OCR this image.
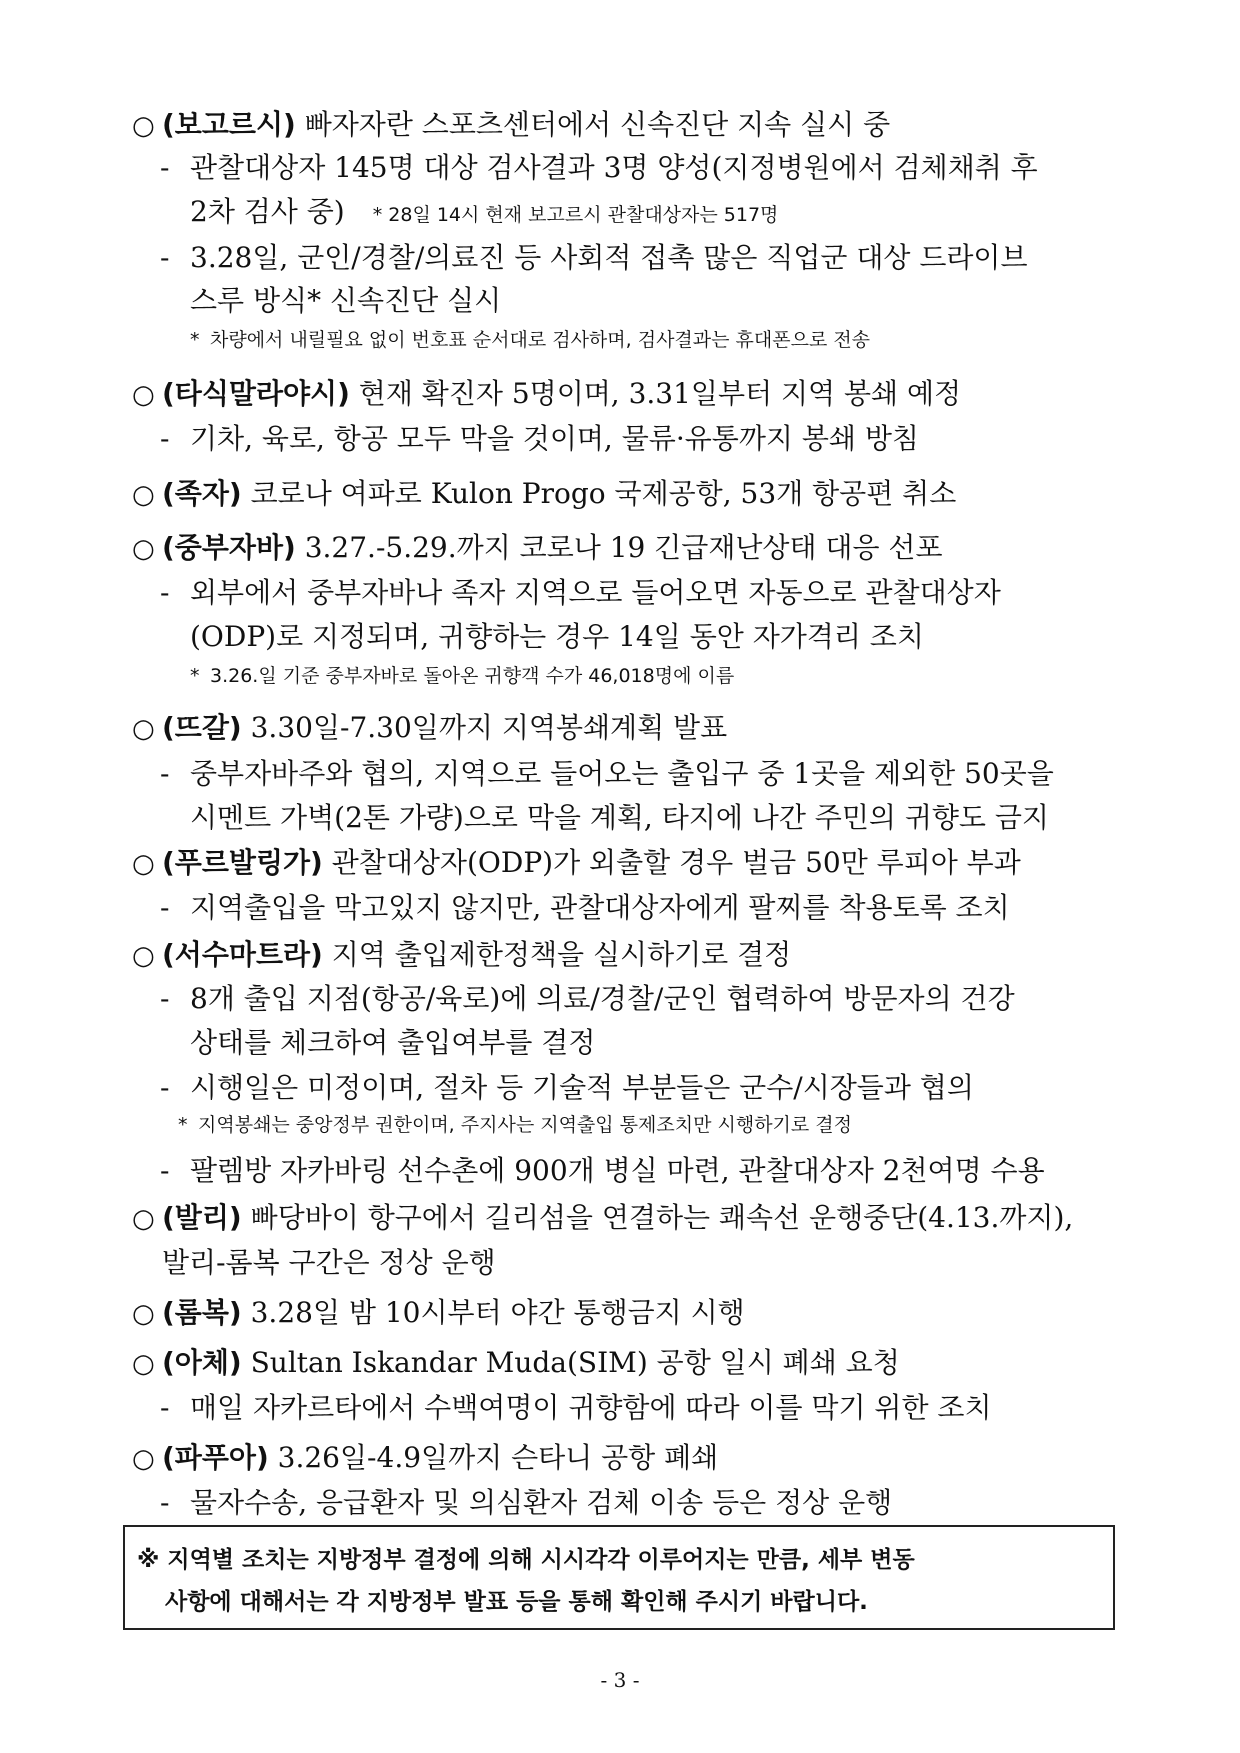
○ (보고르시) 빠자자란 스포츠센터에서 신속진단 지속 실시 중
- 관찰대상자 145명 대상 검사결과 3명 양성(지정병원에서 검체채취 후
2차 검사 중) * 28일 14시 현재 보고르시 관찰대상자는 517명
- 3.28일, 군인/경찰/의료진 등 사회적 접촉 많은 직업군 대상 드라이브
스루 방식* 신속진단 실시
* 차량에서 내릴필요 없이 번호표 순서대로 검사하며, 검사결과는 휴대폰으로 전송
○ (타식말라야시) 현재 확진자 5명이며, 3.31일부터 지역 봉쇄 예정
- 기차, 육로, 항공 모두 막을 것이며, 물류·유통까지 봉쇄 방침
○ (족자) 코로나 여파로 Kulon Progo 국제공항, 53개 항공편 취소
○ (중부자바) 3.27.-5.29.까지 코로나 19 긴급재난상태 대응 선포
- 외부에서 중부자바나 족자 지역으로 들어오면 자동으로 관찰대상자
(ODP)로 지정되며, 귀향하는 경우 14일 동안 자가격리 조치
* 3.26.일 기준 중부자바로 돌아온 귀향객 수가 46,018명에 이름
○ (뜨갈) 3.30일-7.30일까지 지역봉쇄계획 발표
- 중부자바주와 협의, 지역으로 들어오는 출입구 중 1곳을 제외한 50곳을
시멘트 가벽(2톤 가량)으로 막을 계획, 타지에 나간 주민의 귀향도 금지
○ (푸르발링가) 관찰대상자(ODP)가 외출할 경우 벌금 50만 루피아 부과
- 지역출입을 막고있지 않지만, 관찰대상자에게 팔찌를 착용토록 조치
○ (서수마트라) 지역 출입제한정책을 실시하기로 결정
- 8개 출입 지점(항공/육로)에 의료/경찰/군인 협력하여 방문자의 건강
상태를 체크하여 출입여부를 결정
- 시행일은 미정이며, 절차 등 기술적 부분들은 군수/시장들과 협의
* 지역봉쇄는 중앙정부 권한이며, 주지사는 지역출입 통제조치만 시행하기로 결정
- 팔렘방 자카바링 선수촌에 900개 병실 마련, 관찰대상자 2천여명 수용
○ (발리) 빠당바이 항구에서 길리섬을 연결하는 쾌속선 운행중단(4.13.까지),
발리-롬복 구간은 정상 운행
○ (롬복) 3.28일 밤 10시부터 야간 통행금지 시행
○ (아체) Sultan Iskandar Muda(SIM) 공항 일시 폐쇄 요청
- 매일 자카르타에서 수백여명이 귀향함에 따라 이를 막기 위한 조치
○ (파푸아) 3.26일-4.9일까지 슨타니 공항 폐쇄
- 물자수송, 응급환자 및 의심환자 검체 이송 등은 정상 운행
※ 지역별 조치는 지방정부 결정에 의해 시시각각 이루어지는 만큼, 세부 변동
사항에 대해서는 각 지방정부 발표 등을 통해 확인해 주시기 바랍니다.
- 3 -
